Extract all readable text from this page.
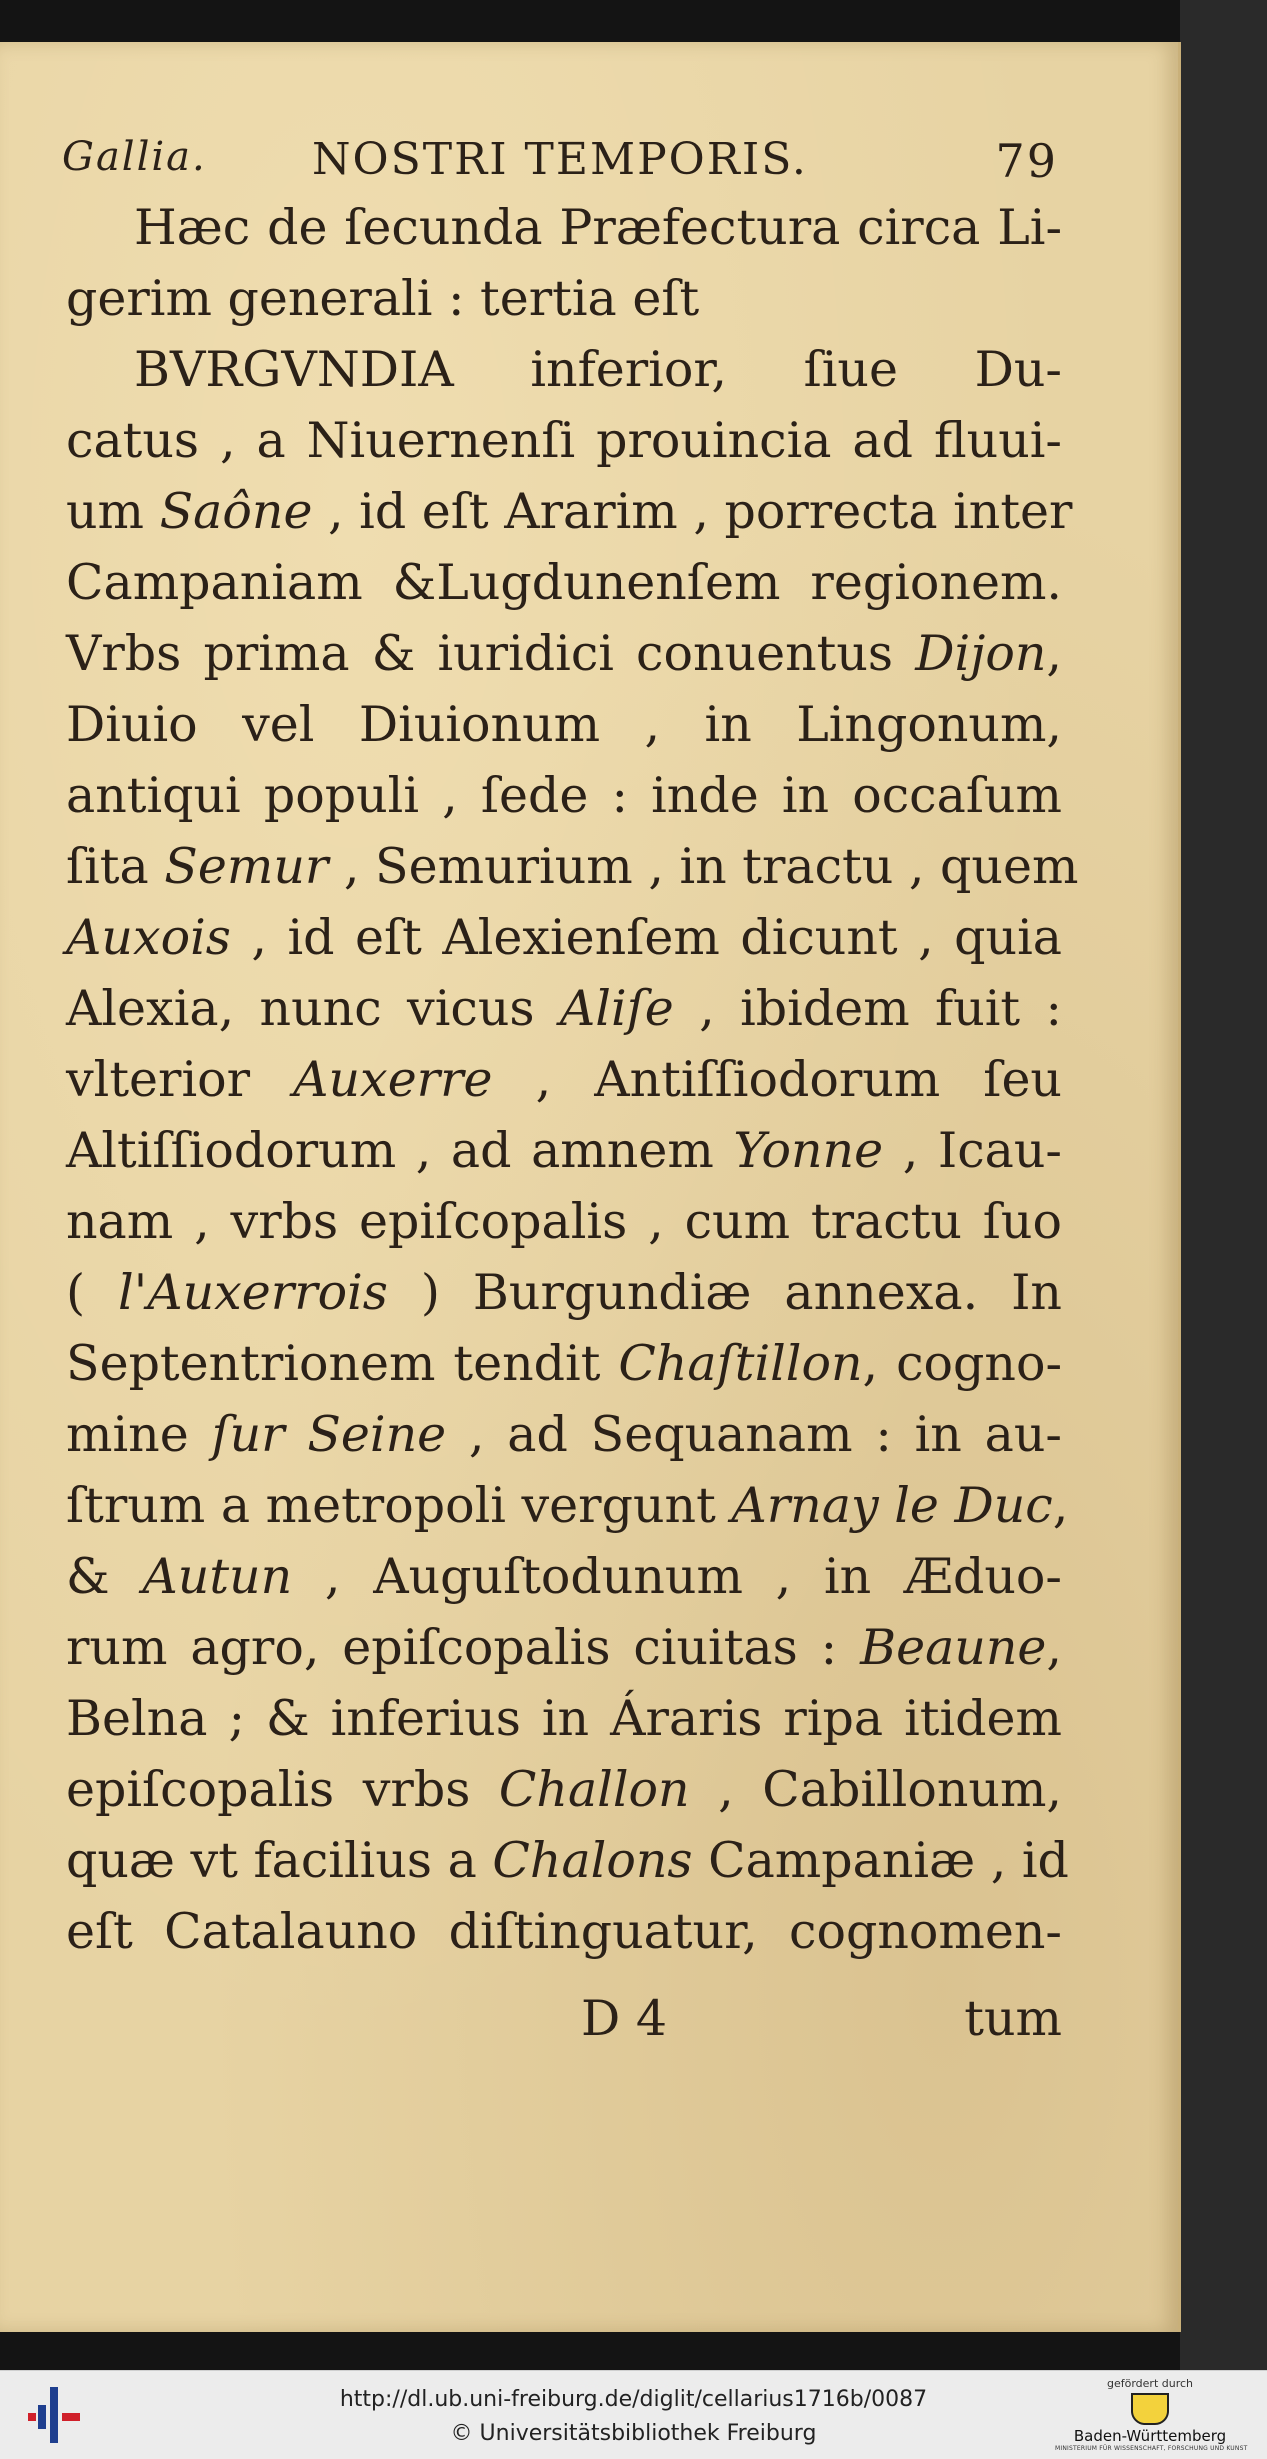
Gallia. NOSTRI TEMPORIS.	79
Hæc de ſecunda Præfectura circa Li-
gerim generali : tertia eſt
BVRGVNDIA inferior, ſiue Du-
catus , a Niuernenſi prouincia ad fluui-
um Saône , id eſt Ararim , porrecta inter
Campaniam &Lugdunenſem regionem.
Vrbs prima & iuridici conuentus Dijon,
Diuio vel Diuionum , in Lingonum,
antiqui populi , ſede : inde in occaſum
ſita Semur , Semurium , in tractu , quem
Auxois , id eſt Alexienſem dicunt , quia
Alexia, nunc vicus Aliſe , ibidem fuit :
vlterior Auxerre , Antiſſiodorum ſeu
Altiſſiodorum , ad amnem Yonne , Icau-
nam , vrbs epiſcopalis , cum tractu ſuo
( l'Auxerrois ) Burgundiæ annexa. In
Septentrionem tendit Chaſtillon, cogno-
mine ſur Seine , ad Sequanam : in au-
ſtrum a metropoli vergunt Arnay le Duc,
& Autun , Auguſtodunum , in Æduo-
rum agro, epiſcopalis ciuitas : Beaune,
Belna ; & inferius in Áraris ripa itidem
epiſcopalis vrbs Challon , Cabillonum,
quæ vt facilius a Chalons Campaniæ , id
eſt Catalauno diſtinguatur, cognomen-
D 4	tum
http://dl.ub.uni-freiburg.de/diglit/cellarius1716b/0087
© Universitätsbibliothek Freiburg
gefördert durch
Baden-Württemberg
MINISTERIUM FÜR WISSENSCHAFT, FORSCHUNG UND KUNST
